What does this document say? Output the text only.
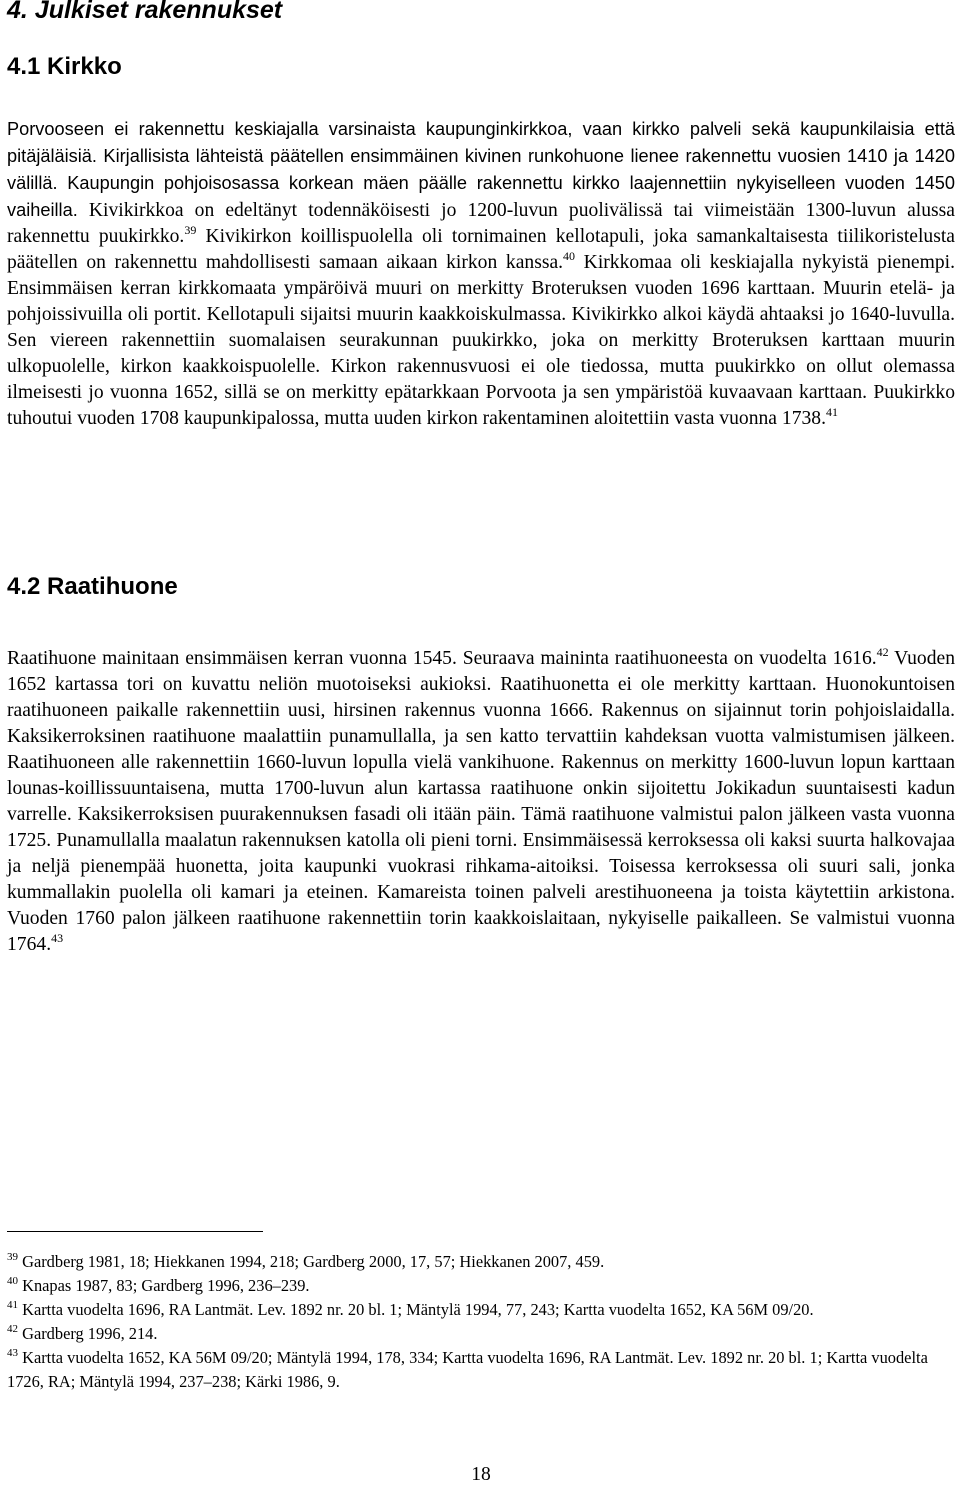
4. Julkiset rakennukset
4.1 Kirkko

Porvooseen ei rakennettu keskiajalla varsinaista kaupunginkirkkoa, vaan kirkko palveli sekä kaupunkilaisia että pitäjäläisiä. Kirjallisista lähteistä päätellen ensimmäinen kivinen runkohuone lienee rakennettu vuosien 1410 ja 1420 välillä. Kaupungin pohjoisosassa korkean mäen päälle rakennettu kirkko laajennettiin nykyiselleen vuoden 1450 vaiheilla. Kivikirkkoa on edeltänyt todennäköisesti jo 1200-luvun puolivälissä tai viimeistään 1300-luvun alussa rakennettu puukirkko.$^{39}$ Kivikirkon koillispuolella oli tornimainen kellotapuli, joka samankaltaisesta tiilikoristelusta päätellen on rakennettu mahdollisesti samaan aikaan kirkon kanssa.$^{40}$ Kirkkomaa oli keskiajalla nykyistä pienempi. Ensimmäisen kerran kirkkomaata ympäröivä muuri on merkitty Broteruksen vuoden 1696 karttaan. Muurin etelä- ja pohjoissivuilla oli portit. Kellotapuli sijaitsi muurin kaakkoiskulmassa. Kivikirkko alkoi käydä ahtaaksi jo 1640-luvulla. Sen viereen rakennettiin suomalaisen seurakunnan puukirkko, joka on merkitty Broteruksen karttaan muurin ulkopuolelle, kirkon kaakkoispuolelle. Kirkon rakennusvuosi ei ole tiedossa, mutta puukirkko on ollut olemassa ilmeisesti jo vuonna 1652, sillä se on merkitty epätarkkaan Porvoota ja sen ympäristöä kuvaavaan karttaan. Puukirkko tuhoutui vuoden 1708 kaupunkipalossa, mutta uuden kirkon rakentaminen aloitettiin vasta vuonna 1738.41

4.2 Raatihuone

Raatihuone mainitaan ensimmäisen kerran vuonna 1545. Seuraava maininta raatihuoneesta on vuodelta 1616.42 Vuoden 1652 kartassa tori on kuvattu neliön muotoiseksi aukioksi. Raatihuonetta ei ole merkitty karttaan. Huonokuntoisen raatihuoneen paikalle rakennettiin uusi, hirsinen rakennus vuonna 1666. Rakennus on sijainnut torin pohjoislaidalla. Kaksikerroksinen raatihuone maalattiin punamullalla, ja sen katto tervattiin kahdeksan vuotta valmistumisen jälkeen. Raatihuoneen alle rakennettiin 1660-luvun lopulla vielä vankihuone. Rakennus on merkitty 1600-luvun lopun karttaan lounas-koillissuuntaisena, mutta 1700-luvun alun kartassa raatihuone onkin sijoitettu Jokikadun suuntaisesti kadun varrelle. Kaksikerroksisen puurakennuksen fasadi oli itään päin. Tämä raatihuone valmistui palon jälkeen vasta vuonna 1725. Punamullalla maalatun rakennuksen katolla oli pieni torni. Ensimmäisessä kerroksessa oli kaksi suurta halkovajaa ja neljä pienempää huonetta, joita kaupunki vuokrasi rihkama-aitoiksi. Toisessa kerroksessa oli suuri sali, jonka kummallakin puolella oli kamari ja eteinen. Kamareista toinen palveli arestihuoneena ja toista käytettiin arkistona. Vuoden 1760 palon jälkeen raatihuone rakennettiin torin kaakkoislaitaan, nykyiselle paikalleen. Se valmistui vuonna 1764.43

$^{39}$ Gardberg 1981, 18; Hiekkanen 1994, 218; Gardberg 2000, 17, 57; Hiekkanen 2007, 459.
$^{40}$ Knapas 1987, 83; Gardberg 1996, 236–239.
$^{41}$ Kartta vuodelta 1696, RA Lantmät. Lev. 1892 nr. 20 bl. 1; Mäntylä 1994, 77, 243; Kartta vuodelta 1652, KA 56M 09/20.
$^{42}$ Gardberg 1996, 214.
$^{43}$ Kartta vuodelta 1652, KA 56M 09/20; Mäntylä 1994, 178, 334; Kartta vuodelta 1696, RA Lantmät. Lev. 1892 nr. 20 bl. 1; Kartta vuodelta 1726, RA; Mäntylä 1994, 237–238; Kärki 1986, 9.
18
